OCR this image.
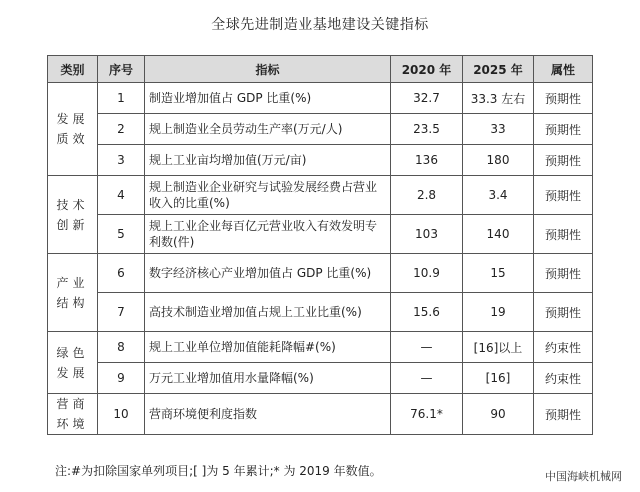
全球先进制造业基地建设关键指标
类别	序号	指标	2020 年	2025 年	属性
发展质效	1	制造业增加值占 GDP 比重(%)	32.7	33.3 左右	预期性
	2	规上制造业全员劳动生产率(万元/人)	23.5	33	预期性
	3	规上工业亩均增加值(万元/亩)	136	180	预期性
技术创新	4	规上制造业企业研究与试验发展经费占营业收入的比重(%)	2.8	3.4	预期性
	5	规上工业企业每百亿元营业收入有效发明专利数(件)	103	140	预期性
产业结构	6	数字经济核心产业增加值占 GDP 比重(%)	10.9	15	预期性
	7	高技术制造业增加值占规上工业比重(%)	15.6	19	预期性
绿色发展	8	规上工业单位增加值能耗降幅#(%)	—	[16]以上	约束性
	9	万元工业增加值用水量降幅(%)	—	[16]	约束性
营商环境	10	营商环境便利度指数	76.1*	90	预期性
注:#为扣除国家单列项目;[ ]为 5 年累计;* 为 2019 年数值。	中国海峡机械网
